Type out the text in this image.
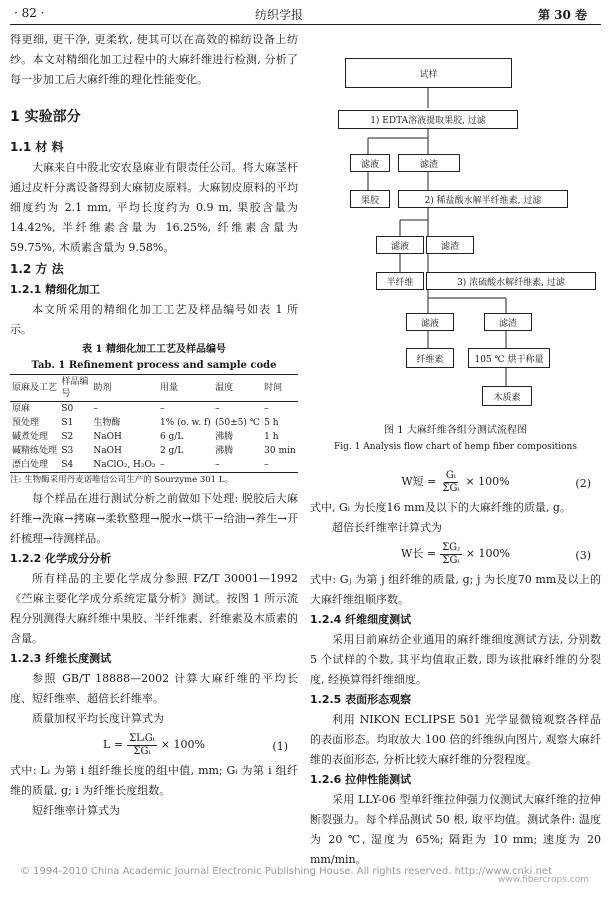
· 82 ·	纺织学报	第 30 卷

得更细, 更干净, 更柔软, 使其可以在高效的棉纺设备上纺纱。本文对精细化加工过程中的大麻纤维进行检测, 分析了每一步加工后大麻纤维的理化性能变化。

1 实验部分
1.1 材 料

大麻来自中股北安农垦麻业有限责任公司。将大麻茎杆通过皮杆分离设备得到大麻韧皮原料。大麻韧皮原料的平均细度约为 2.1 mm, 平均长度约为 0.9 m, 果胶含量为 14.42%, 半纤维素含量为 16.25%, 纤维素含量为 59.75%, 木质素含量为 9.58%。

1.2 方 法
1.2.1 精细化加工

本文所采用的精细化加工工艺及样品编号如表 1 所示。

表 1 精细化加工工艺及样品编号
Tab. 1 Refinement process and sample code
原麻及工艺	样品编号	助剂	用量	温度	时间
原麻	S0	–	–	–	–
预处理	S1	生物酶	1% (o. w. f)	(50±5) ℃	5 h
碱煮处理	S2	NaOH	6 g/L	沸腾	1 h
碱精练处理	S3	NaOH	2 g/L	沸腾	30 min
漂白处理	S4	NaClO₂, H₂O₂	–	–	–
注: 生物酶采用丹麦诺唯信公司生产的 Sourzyme 301 L。

每个样品在进行测试分析之前做如下处理: 脱胶后大麻纤维→洗麻→拷麻→柔软整理→脱水→烘干→给油→养生→开纤梳理→待测样品。

1.2.2 化学成分分析

所有样品的主要化学成分参照 FZ/T 30001—1992《苎麻主要化学成分系统定量分析》测试。按图 1 所示流程分别测得大麻纤维中果胶、半纤维素、纤维素及木质素的含量。

1.2.3 纤维长度测试

参照 GB/T 18888—2002 计算大麻纤维的平均长度、短纤维率、超倍长纤维率。

质量加权平均长度计算式为

$L = \frac{\text{ΣLᵢGᵢ}}{\text{ΣGᵢ}} \times 100\%$	(1)

式中: Lᵢ 为第 i 组纤维长度的组中值, mm; Gᵢ 为第 i 组纤维的质量, g; i 为纤维长度组数。

短纤维率计算式为

试样
1) EDTA溶液提取果胶, 过滤
滤液	滤渣
果胶	2) 稀盐酸水解半纤维素, 过滤
滤液	滤渣
半纤维	3) 浓硫酸水解纤维素, 过滤
滤液	滤渣
纤维素	105 ℃ 烘干称量
木质素
图 1 大麻纤维各组分测试流程图
Fig. 1 Analysis flow chart of hemp fiber compositions
W短 = $\frac{\text{Gᵢ}}{\text{ΣGᵢ}} \times 100\%$	(2)

式中, Gᵢ 为长度16 mm及以下的大麻纤维的质量, g。

超倍长纤维率计算式为

W长 = $\frac{\text{ΣGⱼ}}{\text{ΣGᵢ}} \times 100\%$	(3)

式中: Gⱼ 为第 j 组纤维的质量, g; j 为长度70 mm及以上的大麻纤维组顺序数。

1.2.4 纤维细度测试

采用目前麻纺企业通用的麻纤维细度测试方法, 分别数 5 个试样的个数, 其平均值取正数, 即为该批麻纤维的分裂度, 经换算得纤维细度。

1.2.5 表面形态观察

利用 NIKON ECLIPSE 501 光学显微镜观察各样品的表面形态。均取放大 100 倍的纤维纵向图片, 观察大麻纤维的表面形态, 分析比较大麻纤维的分裂程度。

1.2.6 拉伸性能测试

采用 LLY-06 型单纤维拉伸强力仪测试大麻纤维的拉伸断裂强力。每个样品测试 50 根, 取平均值。测试条件: 温度为 20 ℃, 湿度为 65%; 隔距为 10 mm; 速度为 20 mm/min。

© 1994-2010 China Academic Journal Electronic Publishing House. All rights reserved. http://www.cnki.net
www.fibercrops.com
